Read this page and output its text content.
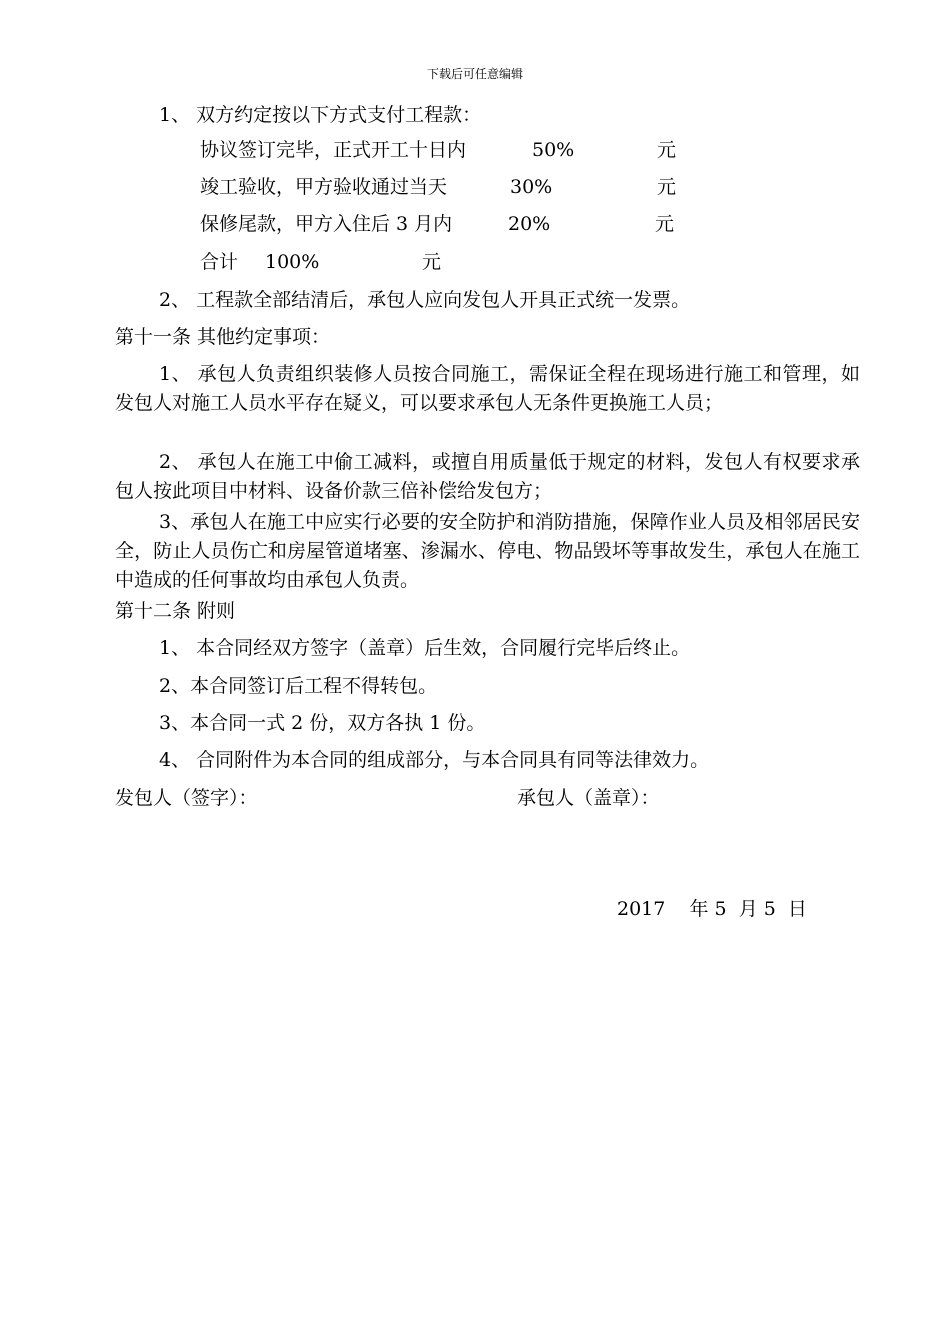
下载后可任意编辑
1、 双方约定按以下方式支付工程款：
协议签订完毕，正式开工十日内	50%	元
竣工验收，甲方验收通过当天	30%	元
保修尾款，甲方入住后 3 月内	20%	元
合计 100%	元
2、 工程款全部结清后，承包人应向发包人开具正式统一发票。
第十一条 其他约定事项：
1、 承包人负责组织装修人员按合同施工，需保证全程在现场进行施工和管理，如发包人对施工人员水平存在疑义，可以要求承包人无条件更换施工人员；
2、 承包人在施工中偷工减料，或擅自用质量低于规定的材料，发包人有权要求承包人按此项目中材料、设备价款三倍补偿给发包方；
3、承包人在施工中应实行必要的安全防护和消防措施，保障作业人员及相邻居民安全，防止人员伤亡和房屋管道堵塞、渗漏水、停电、物品毁坏等事故发生，承包人在施工中造成的任何事故均由承包人负责。
第十二条 附则
1、 本合同经双方签字（盖章）后生效，合同履行完毕后终止。
2、本合同签订后工程不得转包。
3、本合同一式 2 份，双方各执 1 份。
4、 合同附件为本合同的组成部分，与本合同具有同等法律效力。
发包人（签字）：	承包人（盖章）：
2017    年 5  月 5  日
